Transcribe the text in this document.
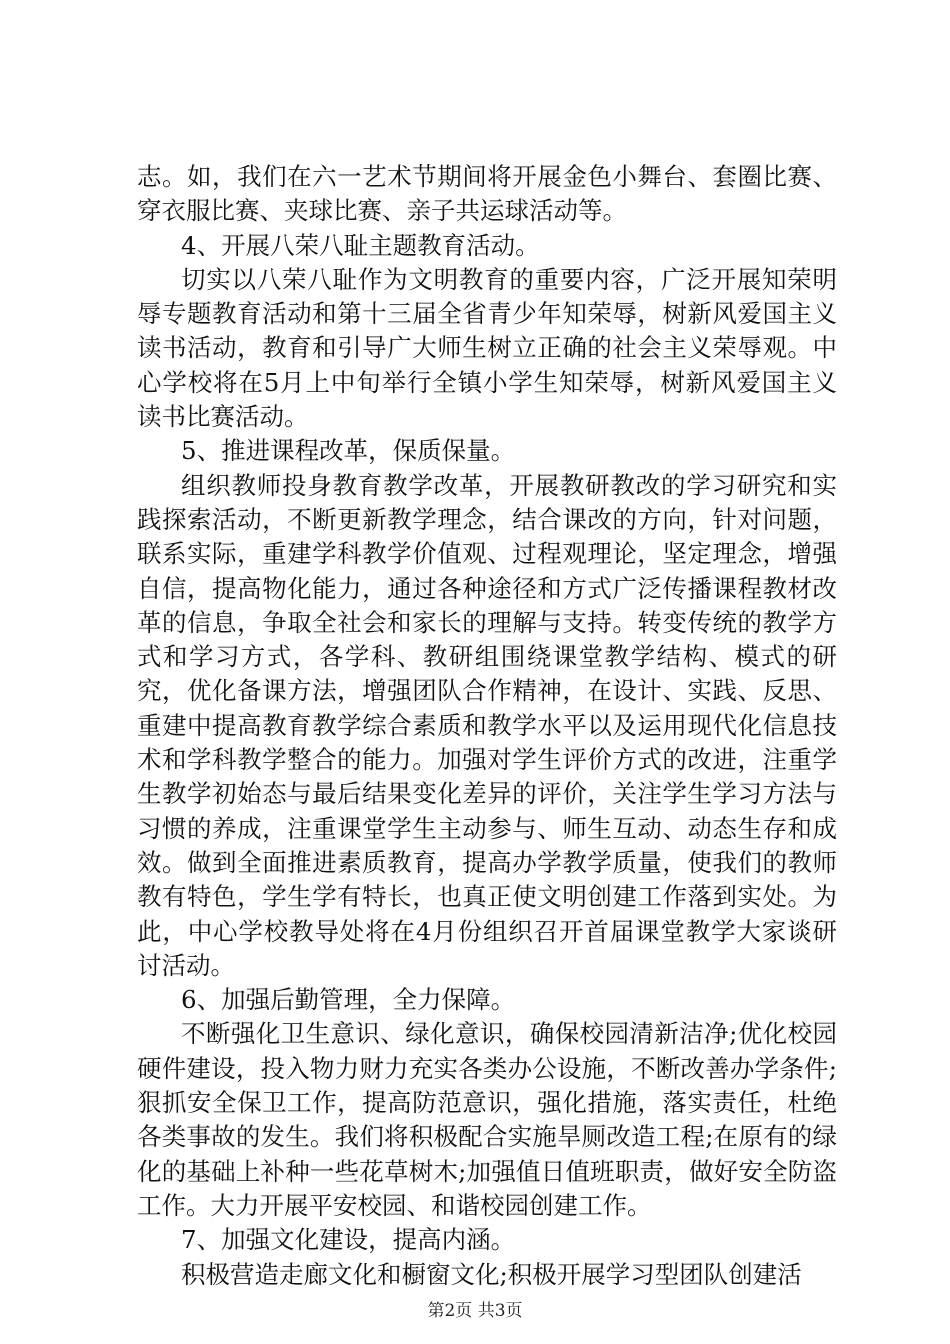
志。如，我们在六一艺术节期间将开展金色小舞台、套圈比赛、穿衣服比赛、夹球比赛、亲子共运球活动等。

4、开展八荣八耻主题教育活动。

切实以八荣八耻作为文明教育的重要内容，广泛开展知荣明辱专题教育活动和第十三届全省青少年知荣辱，树新风爱国主义读书活动，教育和引导广大师生树立正确的社会主义荣辱观。中心学校将在5月上中旬举行全镇小学生知荣辱，树新风爱国主义读书比赛活动。

5、推进课程改革，保质保量。

组织教师投身教育教学改革，开展教研教改的学习研究和实践探索活动，不断更新教学理念，结合课改的方向，针对问题，联系实际，重建学科教学价值观、过程观理论，坚定理念，增强自信，提高物化能力，通过各种途径和方式广泛传播课程教材改革的信息，争取全社会和家长的理解与支持。转变传统的教学方式和学习方式，各学科、教研组围绕课堂教学结构、模式的研究，优化备课方法，增强团队合作精神，在设计、实践、反思、重建中提高教育教学综合素质和教学水平以及运用现代化信息技术和学科教学整合的能力。加强对学生评价方式的改进，注重学生教学初始态与最后结果变化差异的评价，关注学生学习方法与习惯的养成，注重课堂学生主动参与、师生互动、动态生存和成效。做到全面推进素质教育，提高办学教学质量，使我们的教师教有特色，学生学有特长，也真正使文明创建工作落到实处。为此，中心学校教导处将在4月份组织召开首届课堂教学大家谈研讨活动。

6、加强后勤管理，全力保障。

不断强化卫生意识、绿化意识，确保校园清新洁净;优化校园硬件建设，投入物力财力充实各类办公设施，不断改善办学条件;狠抓安全保卫工作，提高防范意识，强化措施，落实责任，杜绝各类事故的发生。我们将积极配合实施旱厕改造工程;在原有的绿化的基础上补种一些花草树木;加强值日值班职责，做好安全防盗工作。大力开展平安校园、和谐校园创建工作。

7、加强文化建设，提高内涵。

积极营造走廊文化和橱窗文化;积极开展学习型团队创建活

第2页 共3页
